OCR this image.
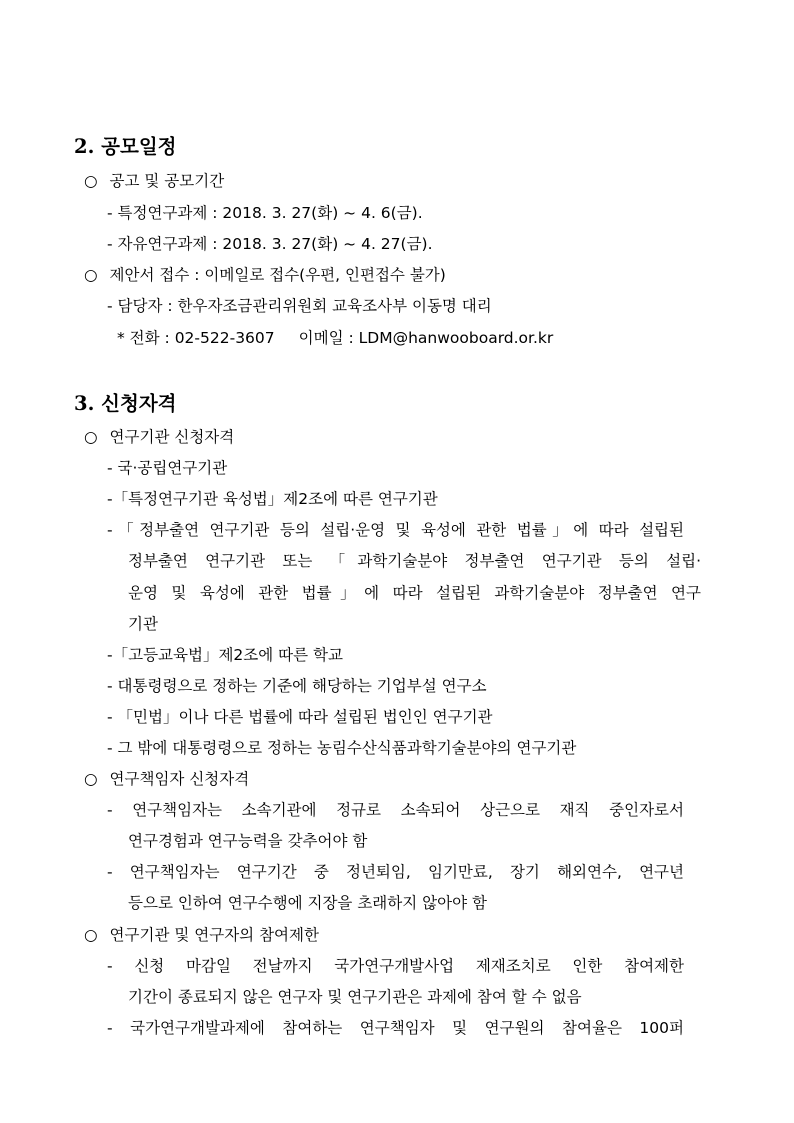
2. 공모일정
○ 공고 및 공모기간
- 특정연구과제 : 2018. 3. 27(화) ~ 4. 6(금).
- 자유연구과제 : 2018. 3. 27(화) ~ 4. 27(금).
○ 제안서 접수 : 이메일로 접수(우편, 인편접수 불가)
- 담당자 : 한우자조금관리위원회 교육조사부 이동명 대리
* 전화 : 02-522-3607 이메일 : LDM@hanwooboard.or.kr
3. 신청자격
○ 연구기관 신청자격
- 국·공립연구기관
-「특정연구기관 육성법」제2조에 따른 연구기관
-「정부출연 연구기관 등의 설립·운영 및 육성에 관한 법률」에 따라 설립된
정부출연 연구기관 또는 「과학기술분야 정부출연 연구기관 등의 설립·
운영 및 육성에 관한 법률」에 따라 설립된 과학기술분야 정부출연 연구
기관
-「고등교육법」제2조에 따른 학교
- 대통령령으로 정하는 기준에 해당하는 기업부설 연구소
- 「민법」이나 다른 법률에 따라 설립된 법인인 연구기관
- 그 밖에 대통령령으로 정하는 농림수산식품과학기술분야의 연구기관
○ 연구책임자 신청자격
- 연구책임자는 소속기관에 정규로 소속되어 상근으로 재직 중인자로서
연구경험과 연구능력을 갖추어야 함
- 연구책임자는 연구기간 중 정년퇴임, 임기만료, 장기 해외연수, 연구년
등으로 인하여 연구수행에 지장을 초래하지 않아야 함
○ 연구기관 및 연구자의 참여제한
- 신청 마감일 전날까지 국가연구개발사업 제재조치로 인한 참여제한
기간이 종료되지 않은 연구자 및 연구기관은 과제에 참여 할 수 없음
- 국가연구개발과제에 참여하는 연구책임자 및 연구원의 참여율은 100퍼
